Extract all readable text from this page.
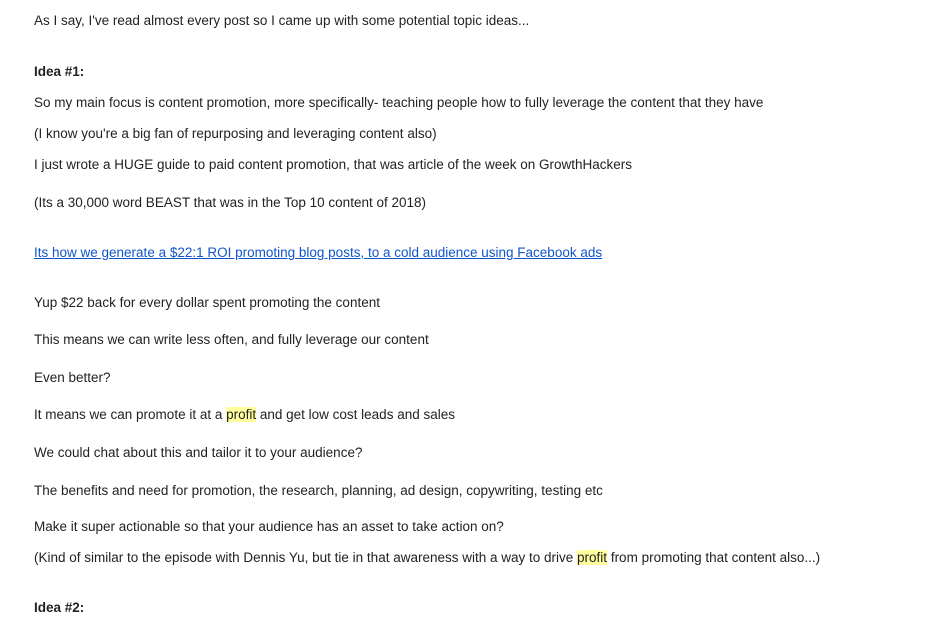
As I say, I've read almost every post so I came up with some potential topic ideas...
Idea #1:
So my main focus is content promotion, more specifically- teaching people how to fully leverage the content that they have
(I know you're a big fan of repurposing and leveraging content also)
I just wrote a HUGE guide to paid content promotion, that was article of the week on GrowthHackers
(Its a 30,000 word BEAST that was in the Top 10 content of 2018)
Its how we generate a $22:1 ROI promoting blog posts, to a cold audience using Facebook ads
Yup $22 back for every dollar spent promoting the content
This means we can write less often, and fully leverage our content
Even better?
It means we can promote it at a profit and get low cost leads and sales
We could chat about this and tailor it to your audience?
The benefits and need for promotion, the research, planning, ad design, copywriting, testing etc
Make it super actionable so that your audience has an asset to take action on?
(Kind of similar to the episode with Dennis Yu, but tie in that awareness with a way to drive profit from promoting that content also...)
Idea #2:
